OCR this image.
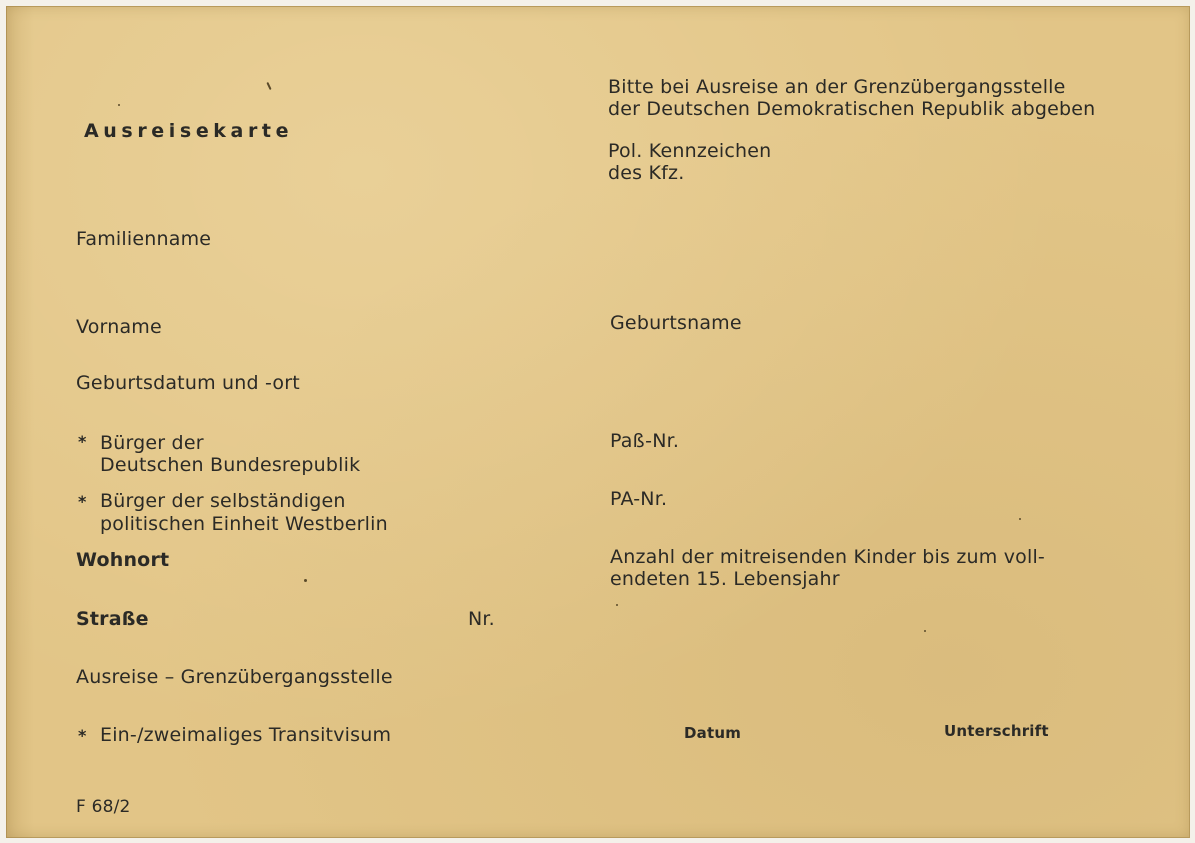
Ausreisekarte
Bitte bei Ausreise an der Grenzübergangsstelle
der Deutschen Demokratischen Republik abgeben
Pol. Kennzeichen
des Kfz.
Familienname
Vorname
Geburtsdatum und -ort
* Bürger der
Deutschen Bundesrepublik
* Bürger der selbständigen
politischen Einheit Westberlin
Wohnort
Straße	Nr.
Ausreise – Grenzübergangsstelle
* Ein-/zweimaliges Transitvisum
F 68/2
Geburtsname
Paß-Nr.
PA-Nr.
Anzahl der mitreisenden Kinder bis zum voll-
endeten 15. Lebensjahr
Datum	Unterschrift
